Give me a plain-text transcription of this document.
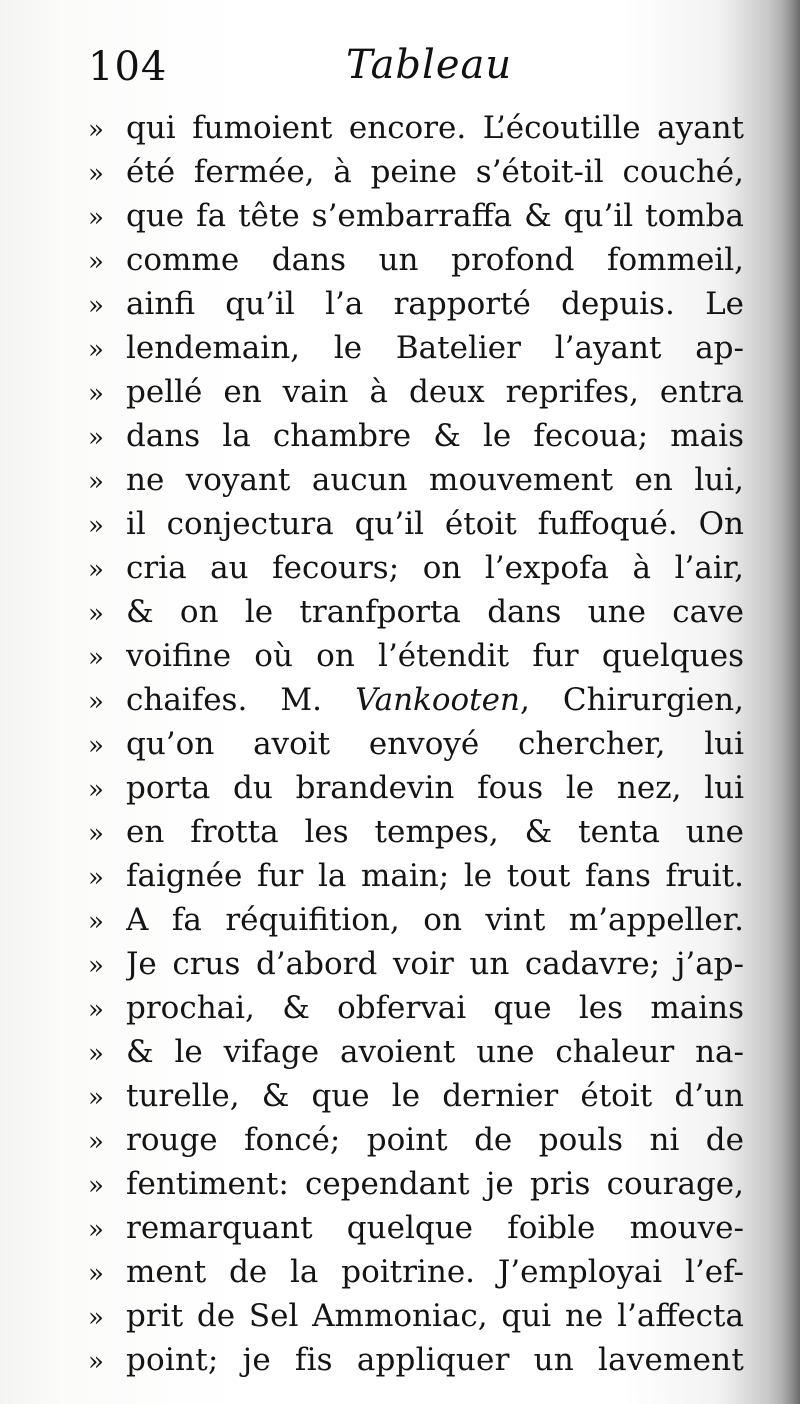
104	Tableau
» qui fumoient encore. L’écoutille ayant
» été fermée, à peine s’étoit-il couché,
» que fa tête s’embarraffa & qu’il tomba
» comme dans un profond fommeil,
» ainfi qu’il l’a rapporté depuis. Le
» lendemain, le Batelier l’ayant ap-
» pellé en vain à deux reprifes, entra
» dans la chambre & le fecoua; mais
» ne voyant aucun mouvement en lui,
» il conjectura qu’il étoit fuffoqué. On
» cria au fecours; on l’expofa à l’air,
» & on le tranfporta dans une cave
» voifine où on l’étendit fur quelques
» chaifes. M. Vankooten, Chirurgien,
» qu’on avoit envoyé chercher, lui
» porta du brandevin fous le nez, lui
» en frotta les tempes, & tenta une
» faignée fur la main; le tout fans fruit.
» A fa réquifition, on vint m’appeller.
» Je crus d’abord voir un cadavre; j’ap-
» prochai, & obfervai que les mains
» & le vifage avoient une chaleur na-
» turelle, & que le dernier étoit d’un
» rouge foncé; point de pouls ni de
» fentiment: cependant je pris courage,
» remarquant quelque foible mouve-
» ment de la poitrine. J’employai l’ef-
» prit de Sel Ammoniac, qui ne l’affecta
» point; je fis appliquer un lavement
